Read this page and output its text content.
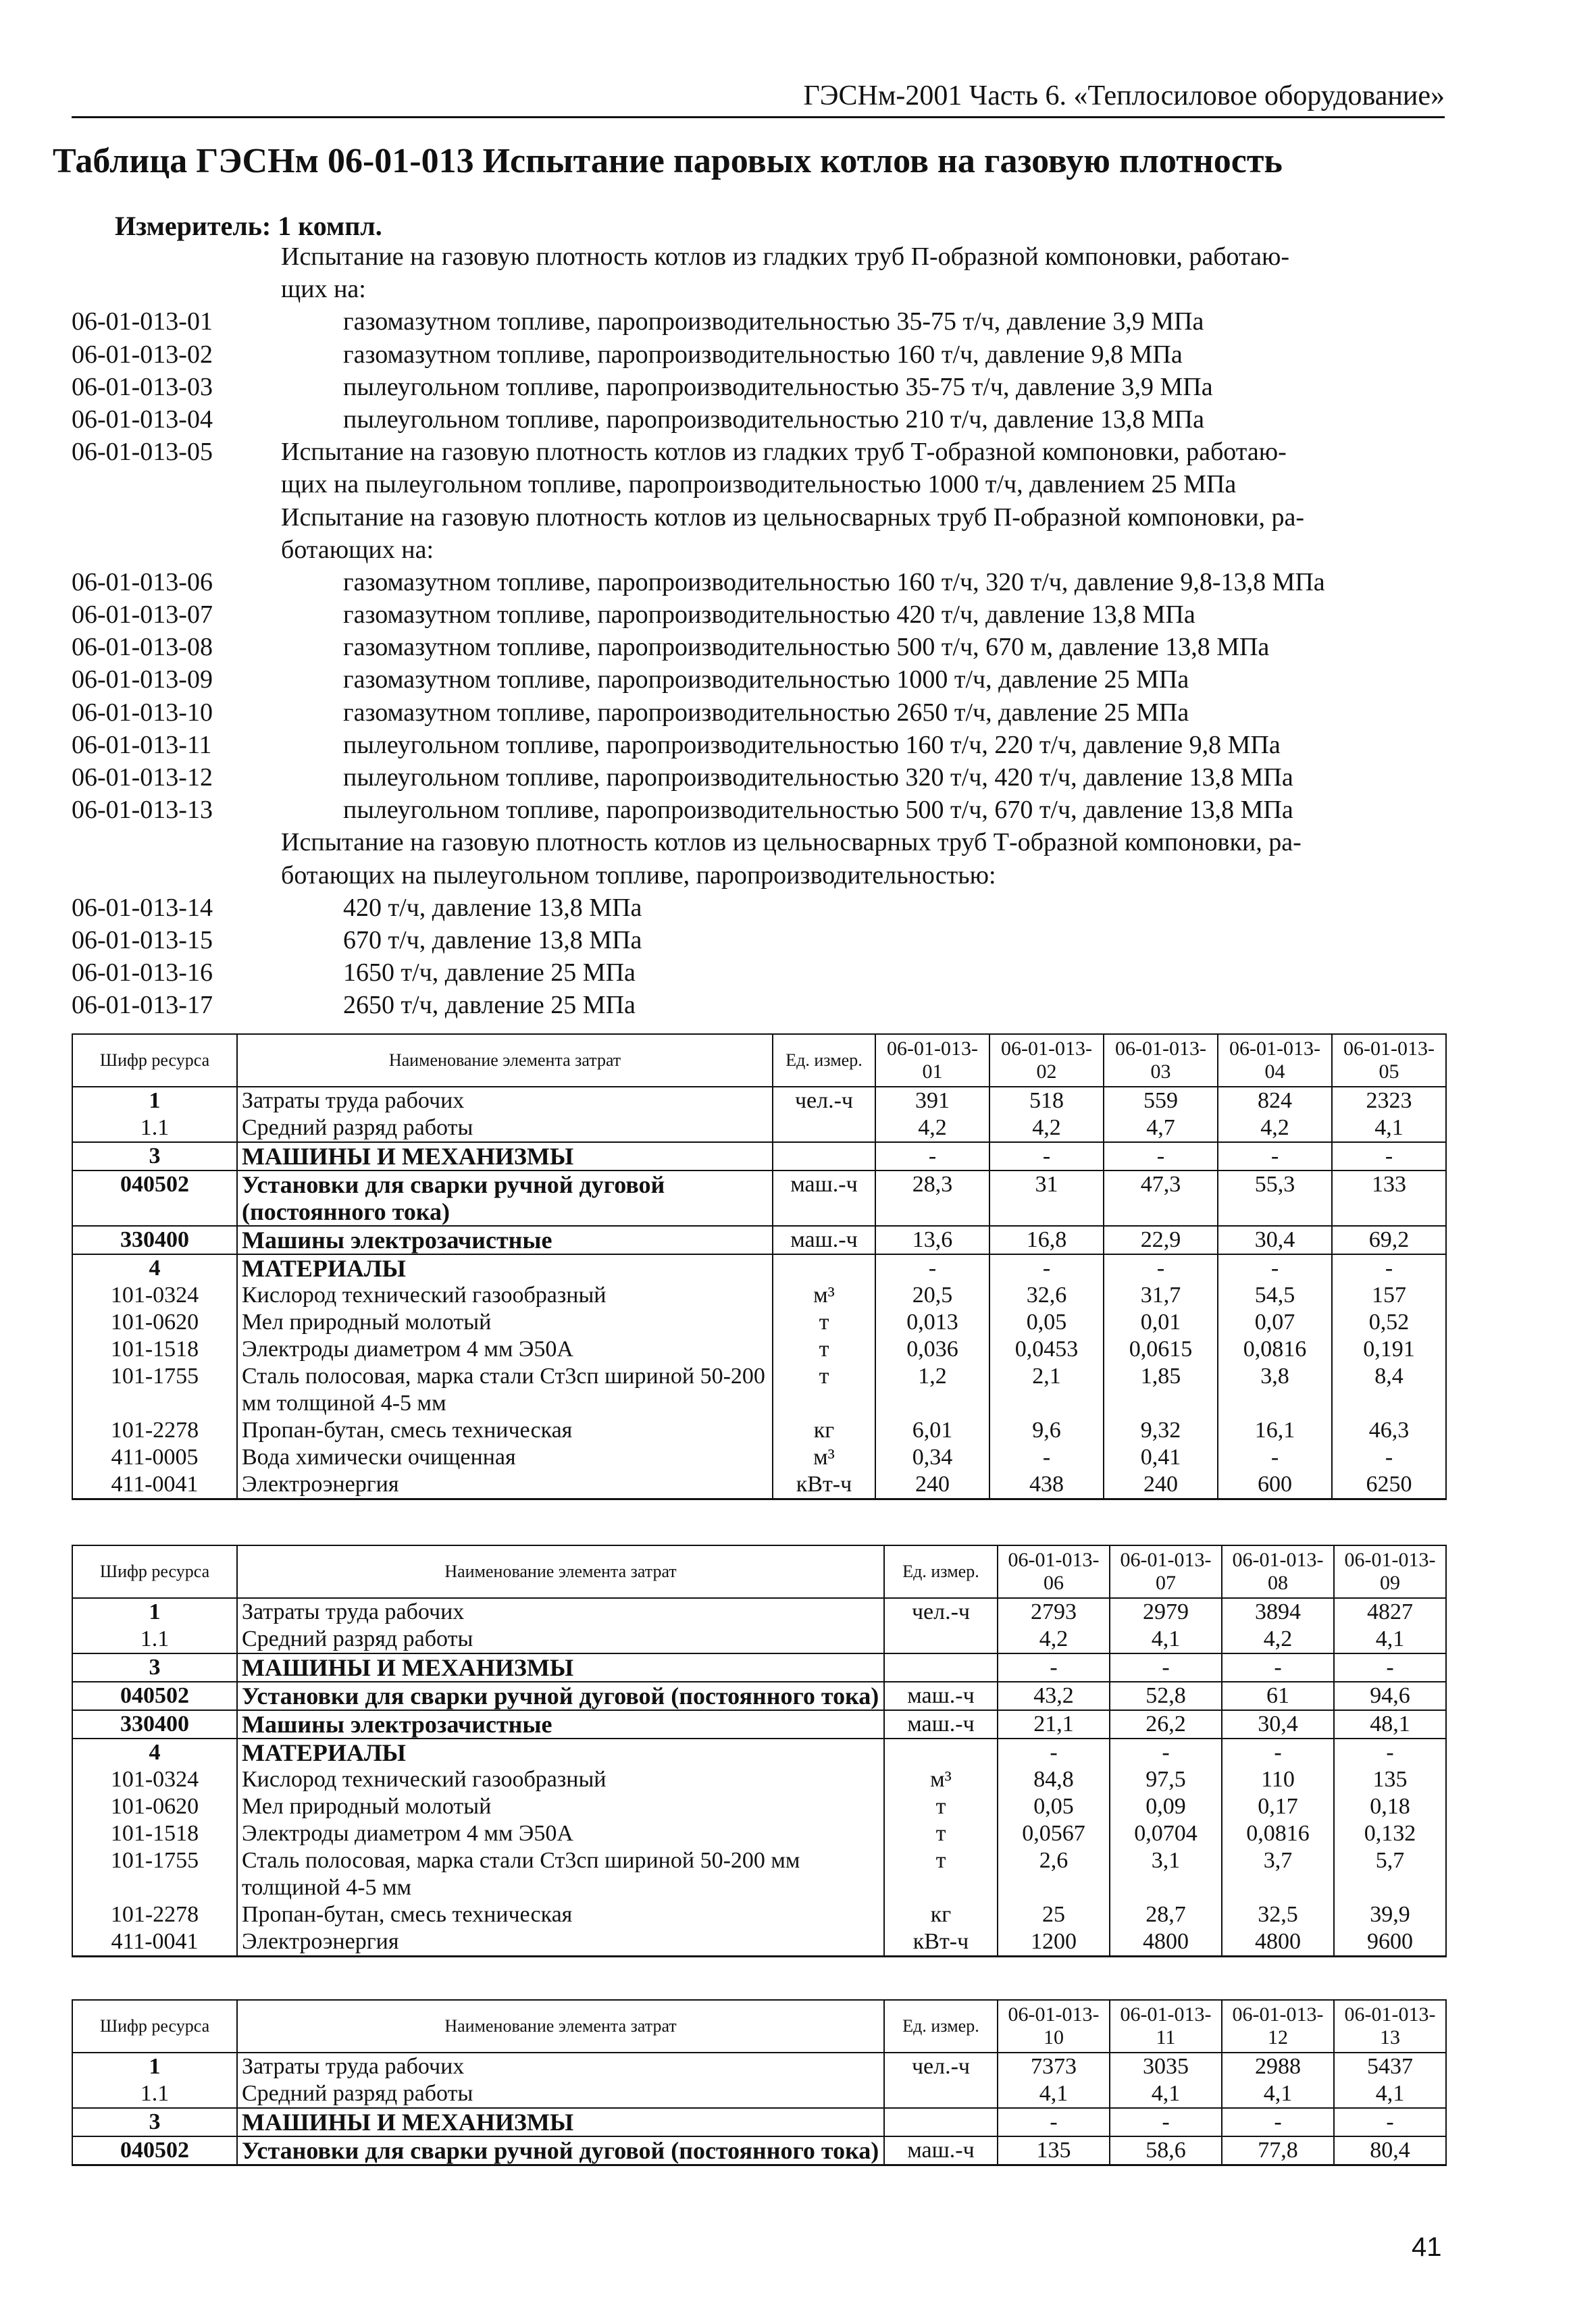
ГЭСНм-2001 Часть 6. «Теплосиловое оборудование»
Таблица ГЭСНм 06-01-013 Испытание паровых котлов на газовую плотность
Измеритель: 1 компл.
Испытание на газовую плотность котлов из гладких труб П-образной компоновки, работаю-
щих на:
06-01-013-01	газомазутном топливе, паропроизводительностью 35-75 т/ч, давление 3,9 МПа
06-01-013-02	газомазутном топливе, паропроизводительностью 160 т/ч, давление 9,8 МПа
06-01-013-03	пылеугольном топливе, паропроизводительностью 35-75 т/ч, давление 3,9 МПа
06-01-013-04	пылеугольном топливе, паропроизводительностью 210 т/ч, давление 13,8 МПа
06-01-013-05	Испытание на газовую плотность котлов из гладких труб Т-образной компоновки, работаю-
щих на пылеугольном топливе, паропроизводительностью 1000 т/ч, давлением 25 МПа
Испытание на газовую плотность котлов из цельносварных труб П-образной компоновки, ра-
ботающих на:
06-01-013-06	газомазутном топливе, паропроизводительностью 160 т/ч, 320 т/ч, давление 9,8-13,8 МПа
06-01-013-07	газомазутном топливе, паропроизводительностью 420 т/ч, давление 13,8 МПа
06-01-013-08	газомазутном топливе, паропроизводительностью 500 т/ч, 670 м, давление 13,8 МПа
06-01-013-09	газомазутном топливе, паропроизводительностью 1000 т/ч, давление 25 МПа
06-01-013-10	газомазутном топливе, паропроизводительностью 2650 т/ч, давление 25 МПа
06-01-013-11	пылеугольном топливе, паропроизводительностью 160 т/ч, 220 т/ч, давление 9,8 МПа
06-01-013-12	пылеугольном топливе, паропроизводительностью 320 т/ч, 420 т/ч, давление 13,8 МПа
06-01-013-13	пылеугольном топливе, паропроизводительностью 500 т/ч, 670 т/ч, давление 13,8 МПа
Испытание на газовую плотность котлов из цельносварных труб Т-образной компоновки, ра-
ботающих на пылеугольном топливе, паропроизводительностью:
06-01-013-14	420 т/ч, давление 13,8 МПа
06-01-013-15	670 т/ч, давление 13,8 МПа
06-01-013-16	1650 т/ч, давление 25 МПа
06-01-013-17	2650 т/ч, давление 25 МПа
Шифр ресурса	Наименование элемента затрат	Ед. измер.	06-01-013-01	06-01-013-02	06-01-013-03	06-01-013-04	06-01-013-05
1	Затраты труда рабочих	чел.-ч	391	518	559	824	2323
1.1	Средний разряд работы		4,2	4,2	4,7	4,2	4,1
3	МАШИНЫ И МЕХАНИЗМЫ		-	-	-	-	-
040502	Установки для сварки ручной дуговой (постоянного тока)	маш.-ч	28,3	31	47,3	55,3	133
330400	Машины электрозачистные	маш.-ч	13,6	16,8	22,9	30,4	69,2
4	МАТЕРИАЛЫ		-	-	-	-	-
101-0324	Кислород технический газообразный	м³	20,5	32,6	31,7	54,5	157
101-0620	Мел природный молотый	т	0,013	0,05	0,01	0,07	0,52
101-1518	Электроды диаметром 4 мм Э50А	т	0,036	0,0453	0,0615	0,0816	0,191
101-1755	Сталь полосовая, марка стали Ст3сп шириной 50-200 мм толщиной 4-5 мм	т	1,2	2,1	1,85	3,8	8,4
101-2278	Пропан-бутан, смесь техническая	кг	6,01	9,6	9,32	16,1	46,3
411-0005	Вода химически очищенная	м³	0,34	-	0,41	-	-
411-0041	Электроэнергия	кВт-ч	240	438	240	600	6250
Шифр ресурса	Наименование элемента затрат	Ед. измер.	06-01-013-06	06-01-013-07	06-01-013-08	06-01-013-09
1	Затраты труда рабочих	чел.-ч	2793	2979	3894	4827
1.1	Средний разряд работы		4,2	4,1	4,2	4,1
3	МАШИНЫ И МЕХАНИЗМЫ		-	-	-	-
040502	Установки для сварки ручной дуговой (постоянного тока)	маш.-ч	43,2	52,8	61	94,6
330400	Машины электрозачистные	маш.-ч	21,1	26,2	30,4	48,1
4	МАТЕРИАЛЫ		-	-	-	-
101-0324	Кислород технический газообразный	м³	84,8	97,5	110	135
101-0620	Мел природный молотый	т	0,05	0,09	0,17	0,18
101-1518	Электроды диаметром 4 мм Э50А	т	0,0567	0,0704	0,0816	0,132
101-1755	Сталь полосовая, марка стали Ст3сп шириной 50-200 мм толщиной 4-5 мм	т	2,6	3,1	3,7	5,7
101-2278	Пропан-бутан, смесь техническая	кг	25	28,7	32,5	39,9
411-0041	Электроэнергия	кВт-ч	1200	4800	4800	9600
Шифр ресурса	Наименование элемента затрат	Ед. измер.	06-01-013-10	06-01-013-11	06-01-013-12	06-01-013-13
1	Затраты труда рабочих	чел.-ч	7373	3035	2988	5437
1.1	Средний разряд работы		4,1	4,1	4,1	4,1
3	МАШИНЫ И МЕХАНИЗМЫ		-	-	-	-
040502	Установки для сварки ручной дуговой (постоянного тока)	маш.-ч	135	58,6	77,8	80,4
41
